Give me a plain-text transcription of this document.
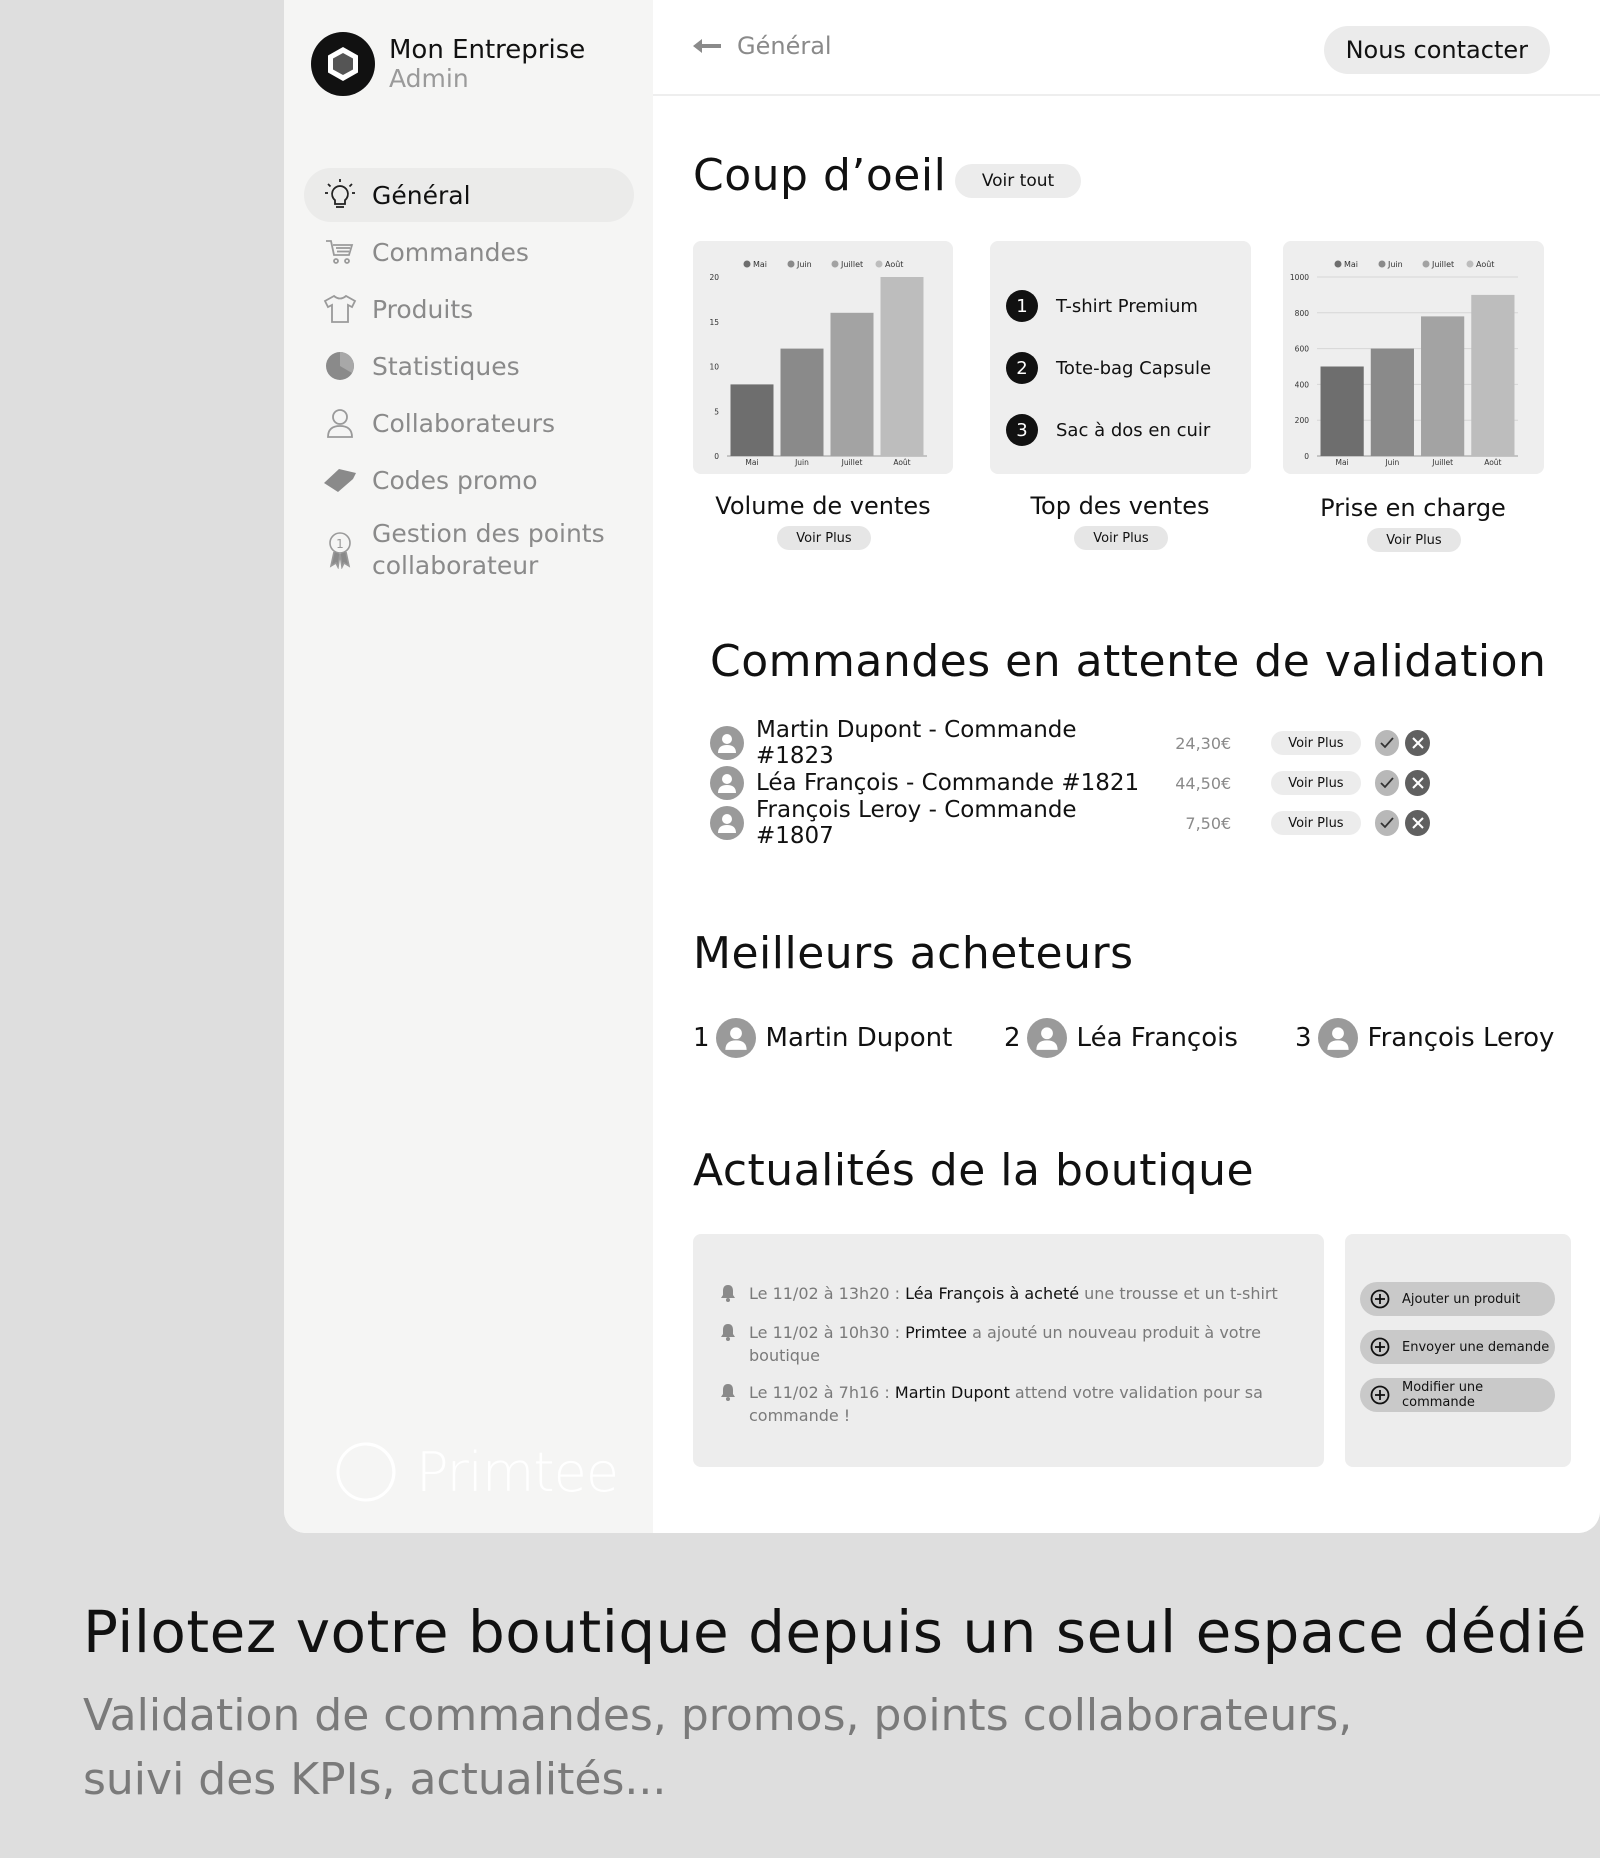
Mon Entreprise
Admin
Général
Commandes
Produits
Statistiques
Collaborateurs
Codes promo
1 Gestion des points collaborateur
Primtee
Général	Nous contacter
Coup d’oeil	Voir tout
Mai	Juin	Juillet	Août
0
5
10
15
20
Mai	Juin	Juillet	Août
Volume de ventes
Voir Plus
1	T-shirt Premium
2	Tote-bag Capsule
3	Sac à dos en cuir
Top des ventes
Voir Plus
Mai	Juin	Juillet	Août
0
200
400
600
800
1000
Mai	Juin	Juillet	Août
Prise en charge
Voir Plus
Commandes en attente de validation
Martin Dupont - Commande #1823	24,30€	Voir Plus
Léa François - Commande #1821	44,50€	Voir Plus
François Leroy - Commande #1807	7,50€	Voir Plus
Meilleurs acheteurs
1 Martin Dupont 2 Léa François 3 François Leroy
Actualités de la boutique
Le 11/02 à 13h20 : Léa François à acheté une trousse et un t-shirt
Le 11/02 à 10h30 : Primtee a ajouté un nouveau produit à votre boutique
Le 11/02 à 7h16 : Martin Dupont attend votre validation pour sa commande !
Ajouter un produit
Envoyer une demande
Modifier une commande
Pilotez votre boutique depuis un seul espace dédié
Validation de commandes, promos, points collaborateurs,
suivi des KPIs, actualités...
